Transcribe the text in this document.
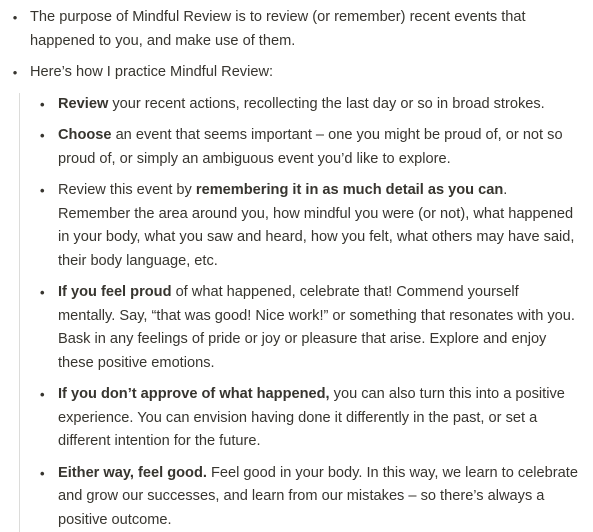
• The purpose of Mindful Review is to review (or remember) recent events that happened to you, and make use of them.
• Here’s how I practice Mindful Review:
• Review your recent actions, recollecting the last day or so in broad strokes.
• Choose an event that seems important – one you might be proud of, or not so proud of, or simply an ambiguous event you’d like to explore.
• Review this event by remembering it in as much detail as you can. Remember the area around you, how mindful you were (or not), what happened in your body, what you saw and heard, how you felt, what others may have said, their body language, etc.
• If you feel proud of what happened, celebrate that! Commend yourself mentally. Say, “that was good! Nice work!” or something that resonates with you. Bask in any feelings of pride or joy or pleasure that arise. Explore and enjoy these positive emotions.
• If you don’t approve of what happened, you can also turn this into a positive experience. You can envision having done it differently in the past, or set a different intention for the future.
• Either way, feel good. Feel good in your body. In this way, we learn to celebrate and grow our successes, and learn from our mistakes – so there’s always a positive outcome.
